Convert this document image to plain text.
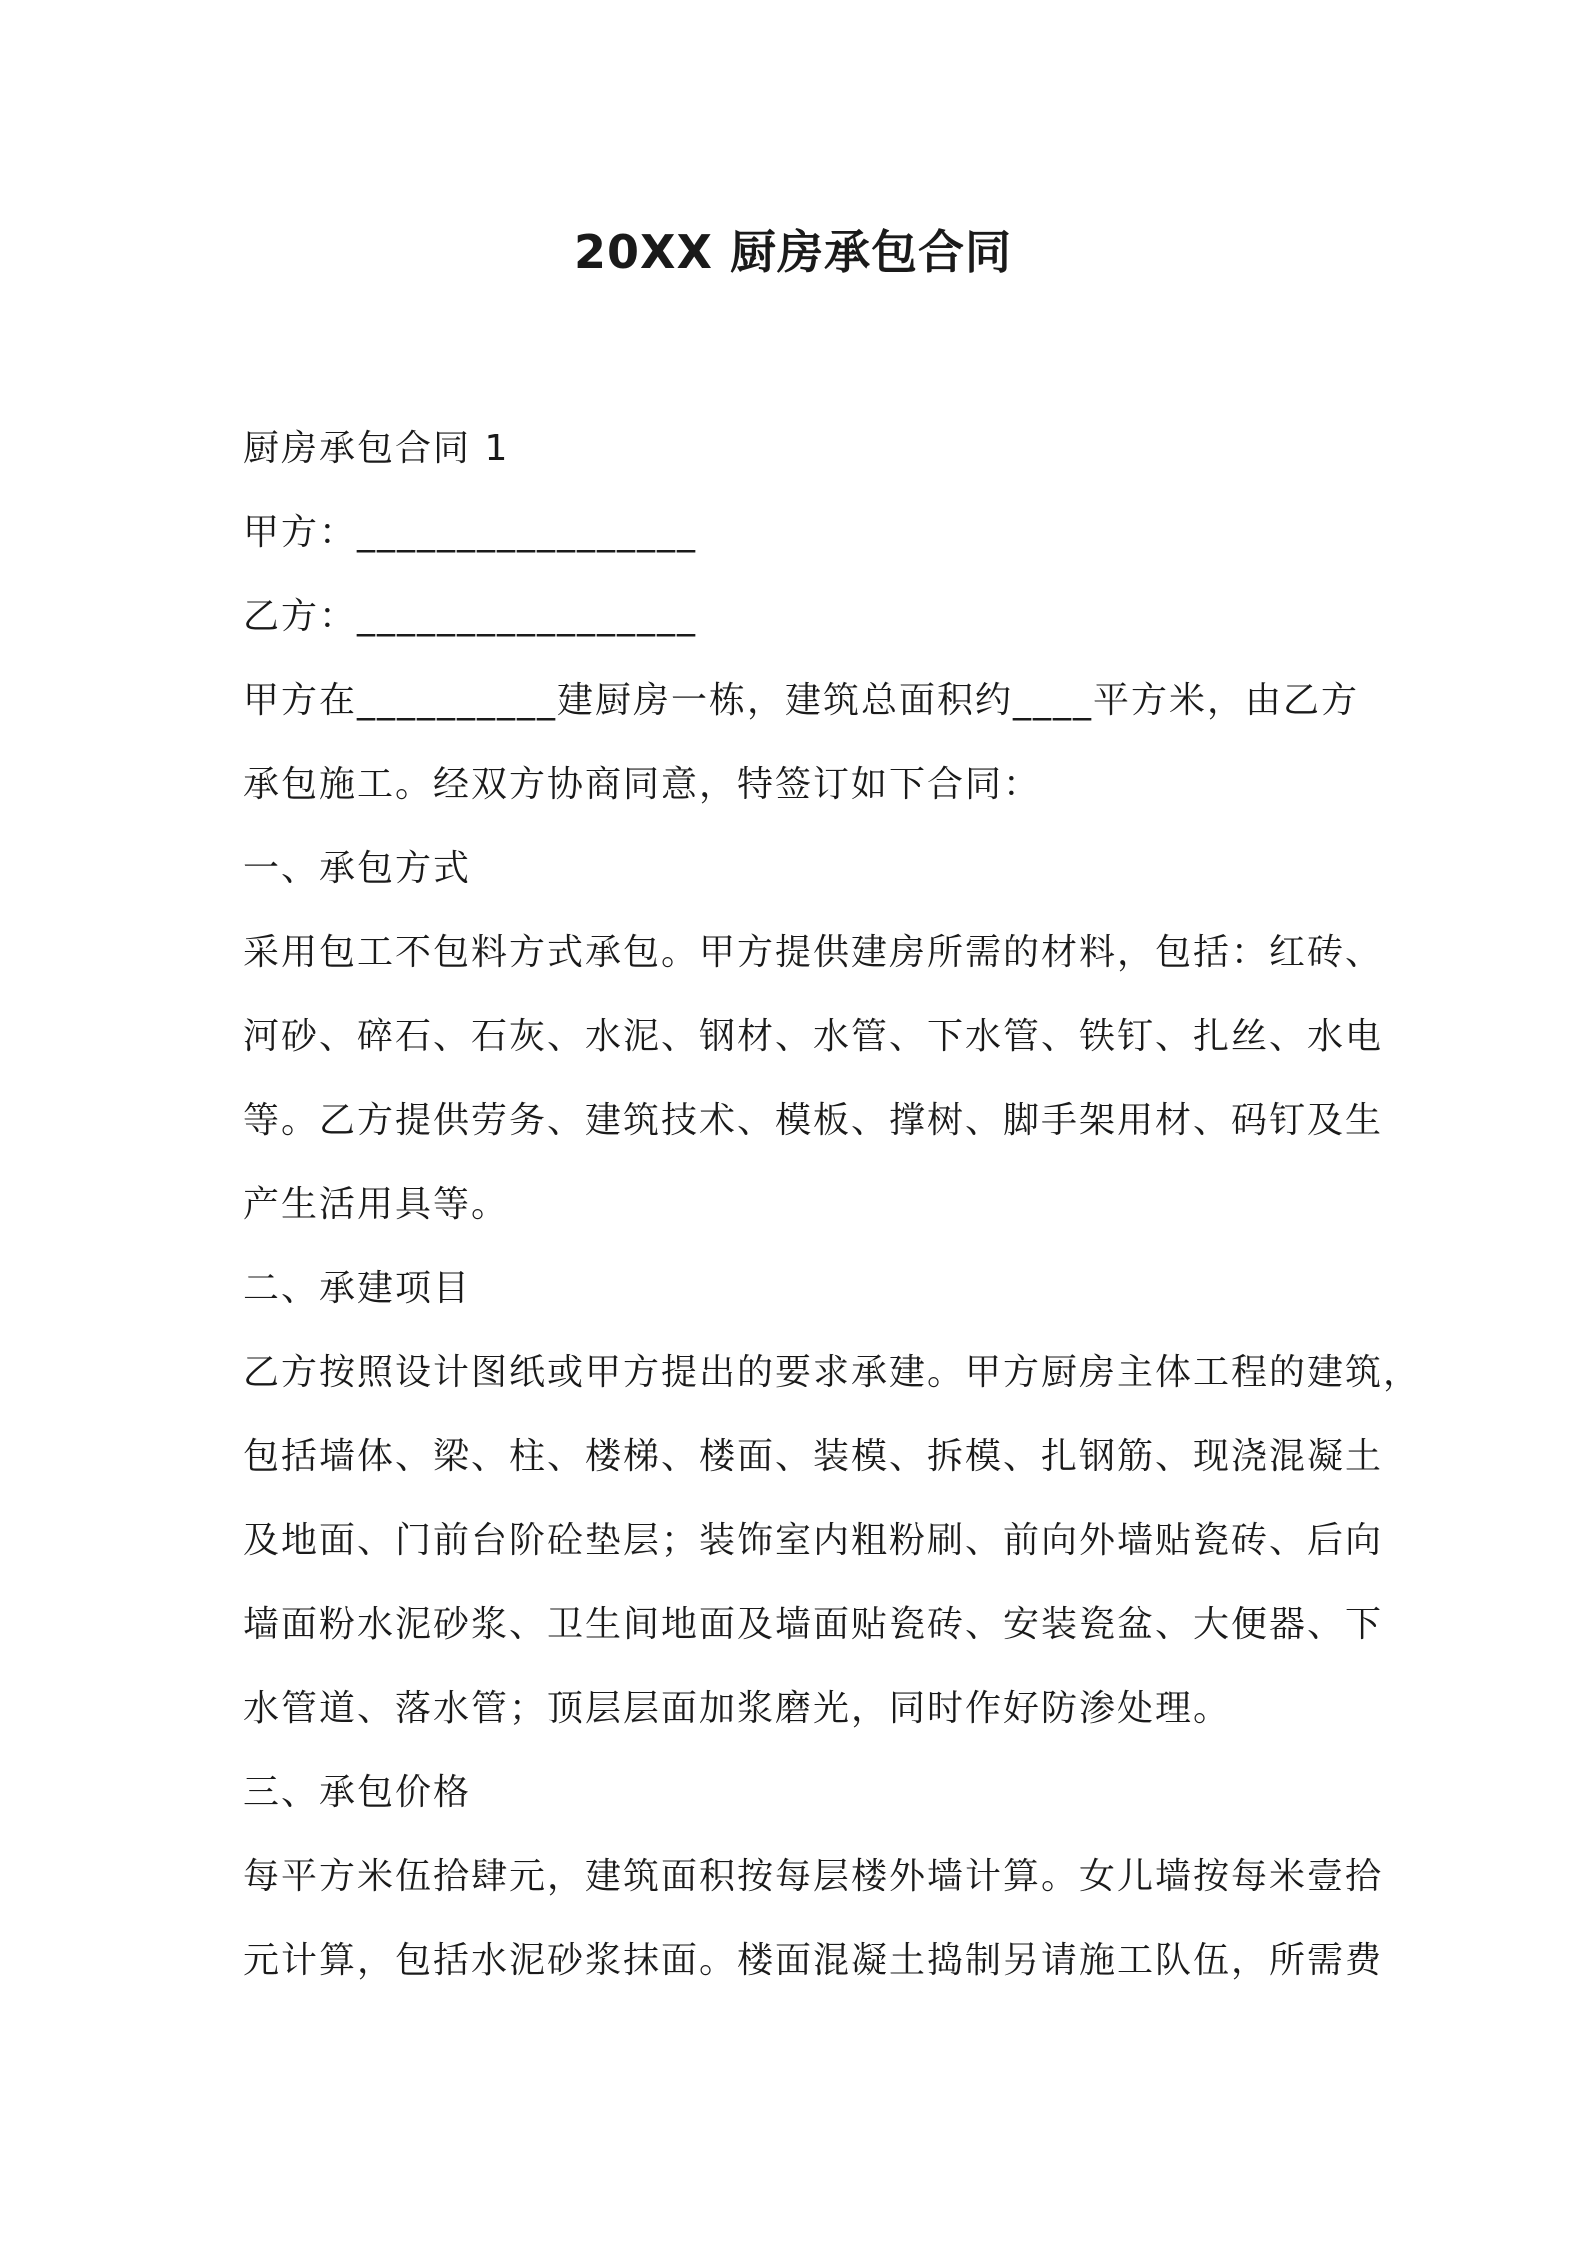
20XX 厨房承包合同
厨房承包合同 1
甲方：_________________
乙方：_________________
甲方在__________建厨房一栋，建筑总面积约____平方米，由乙方
承包施工。经双方协商同意，特签订如下合同：
一、承包方式
采用包工不包料方式承包。甲方提供建房所需的材料，包括：红砖、
河砂、碎石、石灰、水泥、钢材、水管、下水管、铁钉、扎丝、水电
等。乙方提供劳务、建筑技术、模板、撑树、脚手架用材、码钉及生
产生活用具等。
二、承建项目
乙方按照设计图纸或甲方提出的要求承建。甲方厨房主体工程的建筑，
包括墙体、梁、柱、楼梯、楼面、装模、拆模、扎钢筋、现浇混凝土
及地面、门前台阶砼垫层；装饰室内粗粉刷、前向外墙贴瓷砖、后向
墙面粉水泥砂浆、卫生间地面及墙面贴瓷砖、安装瓷盆、大便器、下
水管道、落水管；顶层层面加浆磨光，同时作好防渗处理。
三、承包价格
每平方米伍拾肆元，建筑面积按每层楼外墙计算。女儿墙按每米壹拾
元计算，包括水泥砂浆抹面。楼面混凝土捣制另请施工队伍，所需费
